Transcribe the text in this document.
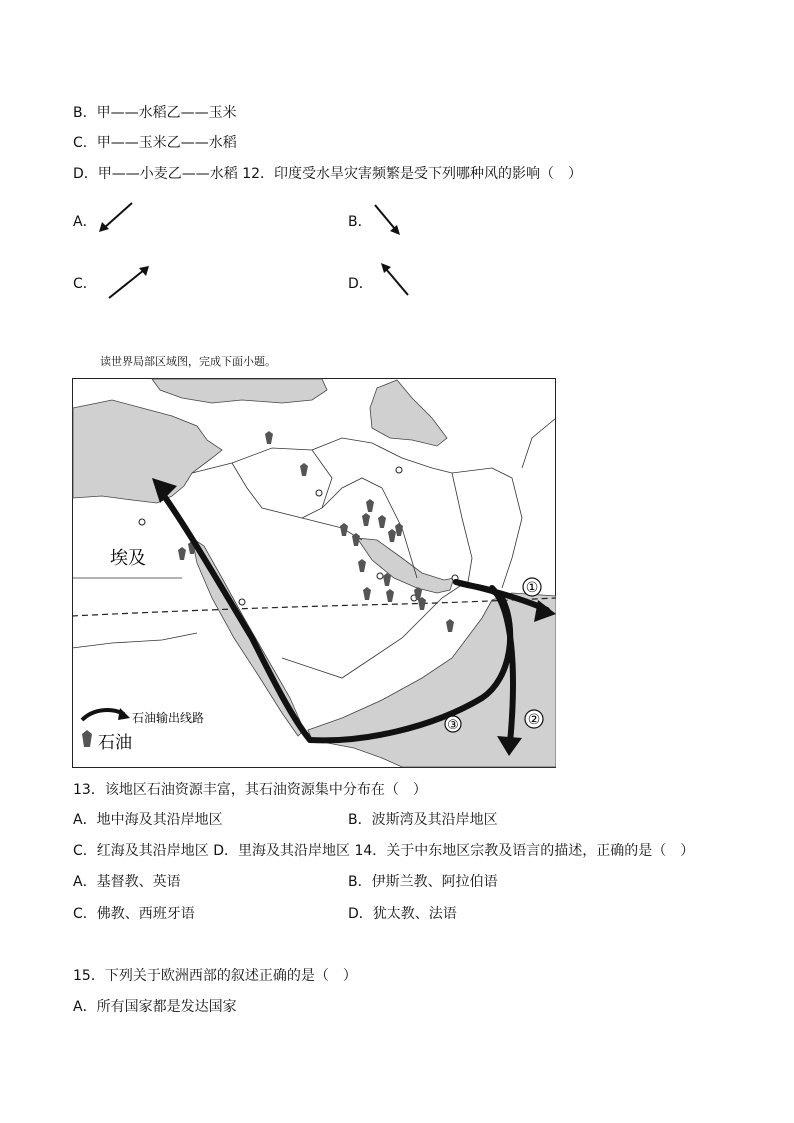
B．甲——水稻乙——玉米
C．甲——玉米乙——水稻
D．甲——小麦乙——水稻 12．印度受水旱灾害频繁是受下列哪种风的影响（　）
A．	B．
C．	D．
读世界局部区域图，完成下面小题。
①
②
③
埃及
石油输出线路
石油
13．该地区石油资源丰富，其石油资源集中分布在（　）
A．地中海及其沿岸地区	B．波斯湾及其沿岸地区
C．红海及其沿岸地区 D．里海及其沿岸地区 14．关于中东地区宗教及语言的描述，正确的是（　）
A．基督教、英语	B．伊斯兰教、阿拉伯语
C．佛教、西班牙语	D．犹太教、法语
15．下列关于欧洲西部的叙述正确的是（　）
A．所有国家都是发达国家
